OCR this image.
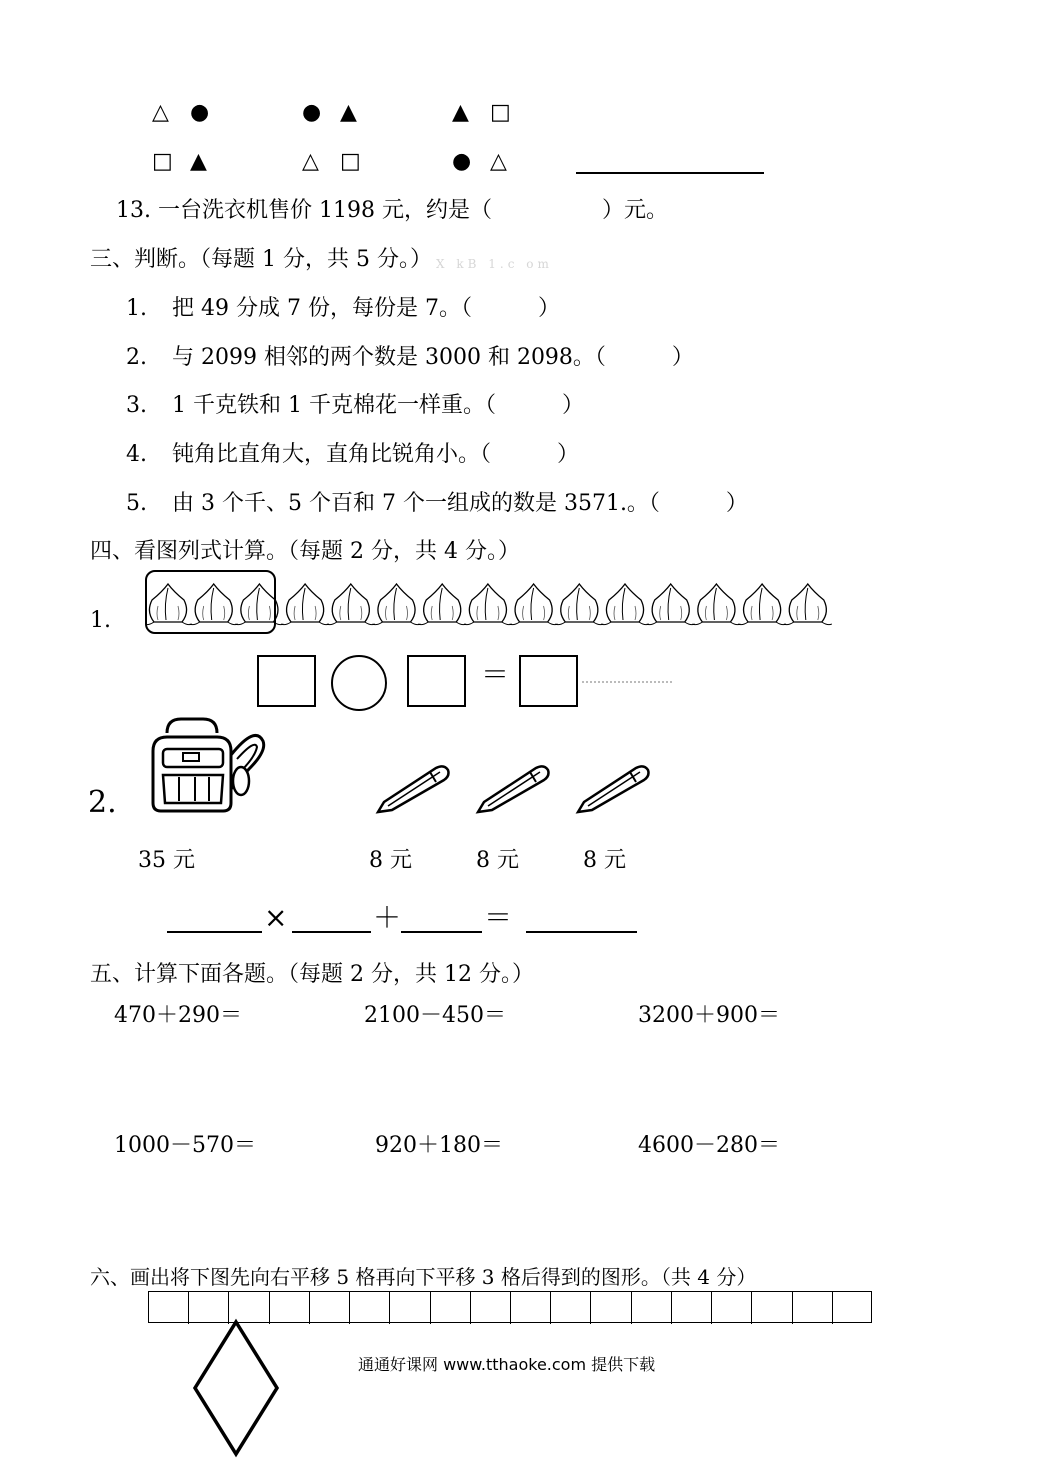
△ ●	● ▲	▲ □
□ ▲	△ □	● △
13. 一台洗衣机售价 1198 元，约是（　　　　　）元。
三、判断。（每题 1 分，共 5 分。） X kB 1.c om
1. 把 49 分成 7 份，每份是 7。（　　　）
2. 与 2099 相邻的两个数是 3000 和 2098。（　　　）
3. 1 千克铁和 1 千克棉花一样重。（　　　）
4. 钝角比直角大，直角比锐角小。（　　　）
5. 由 3 个千、5 个百和 7 个一组成的数是 3571.。（　　　）
四、看图列式计算。（每题 2 分，共 4 分。）
1.
＝
2.
35 元	8 元	8 元	8 元
×	＋	＝
五、计算下面各题。（每题 2 分，共 12 分。）
470＋290＝	2100－450＝	3200＋900＝
1000－570＝	920＋180＝	4600－280＝
六、画出将下图先向右平移 5 格再向下平移 3 格后得到的图形。（共 4 分）
通通好课网 www.tthaoke.com 提供下载
